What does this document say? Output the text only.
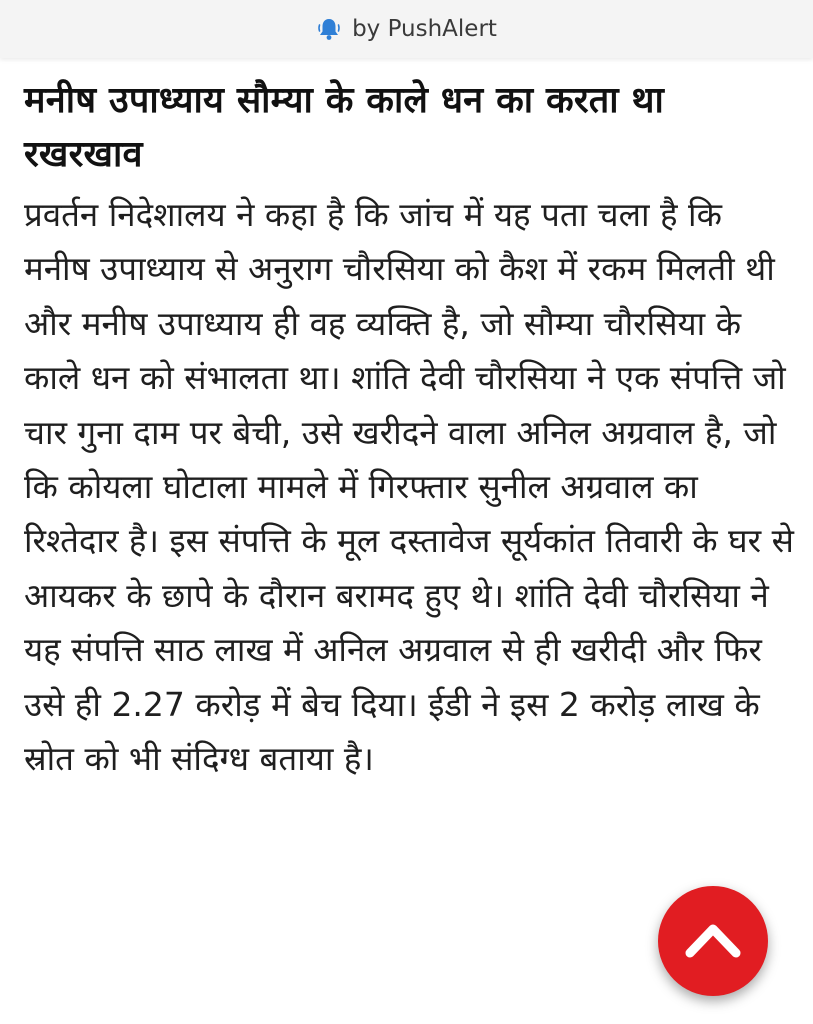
by PushAlert
मनीष उपाध्याय सौम्या के काले धन का करता था रखरखाव

प्रवर्तन निदेशालय ने कहा है कि जांच में यह पता चला है कि मनीष उपाध्याय से अनुराग चौरसिया को कैश में रकम मिलती थी और मनीष उपाध्याय ही वह व्यक्ति है, जो सौम्या चौरसिया के काले धन को संभालता था। शांति देवी चौरसिया ने एक संपत्ति जो चार गुना दाम पर बेची, उसे खरीदने वाला अनिल अग्रवाल है, जो कि कोयला घोटाला मामले में गिरफ्तार सुनील अग्रवाल का रिश्तेदार है। इस संपत्ति के मूल दस्तावेज सूर्यकांत तिवारी के घर से आयकर के छापे के दौरान बरामद हुए थे। शांति देवी चौरसिया ने यह संपत्ति साठ लाख में अनिल अग्रवाल से ही खरीदी और फिर उसे ही 2.27 करोड़ में बेच दिया। ईडी ने इस 2 करोड़ लाख के स्रोत को भी संदिग्ध बताया है।
